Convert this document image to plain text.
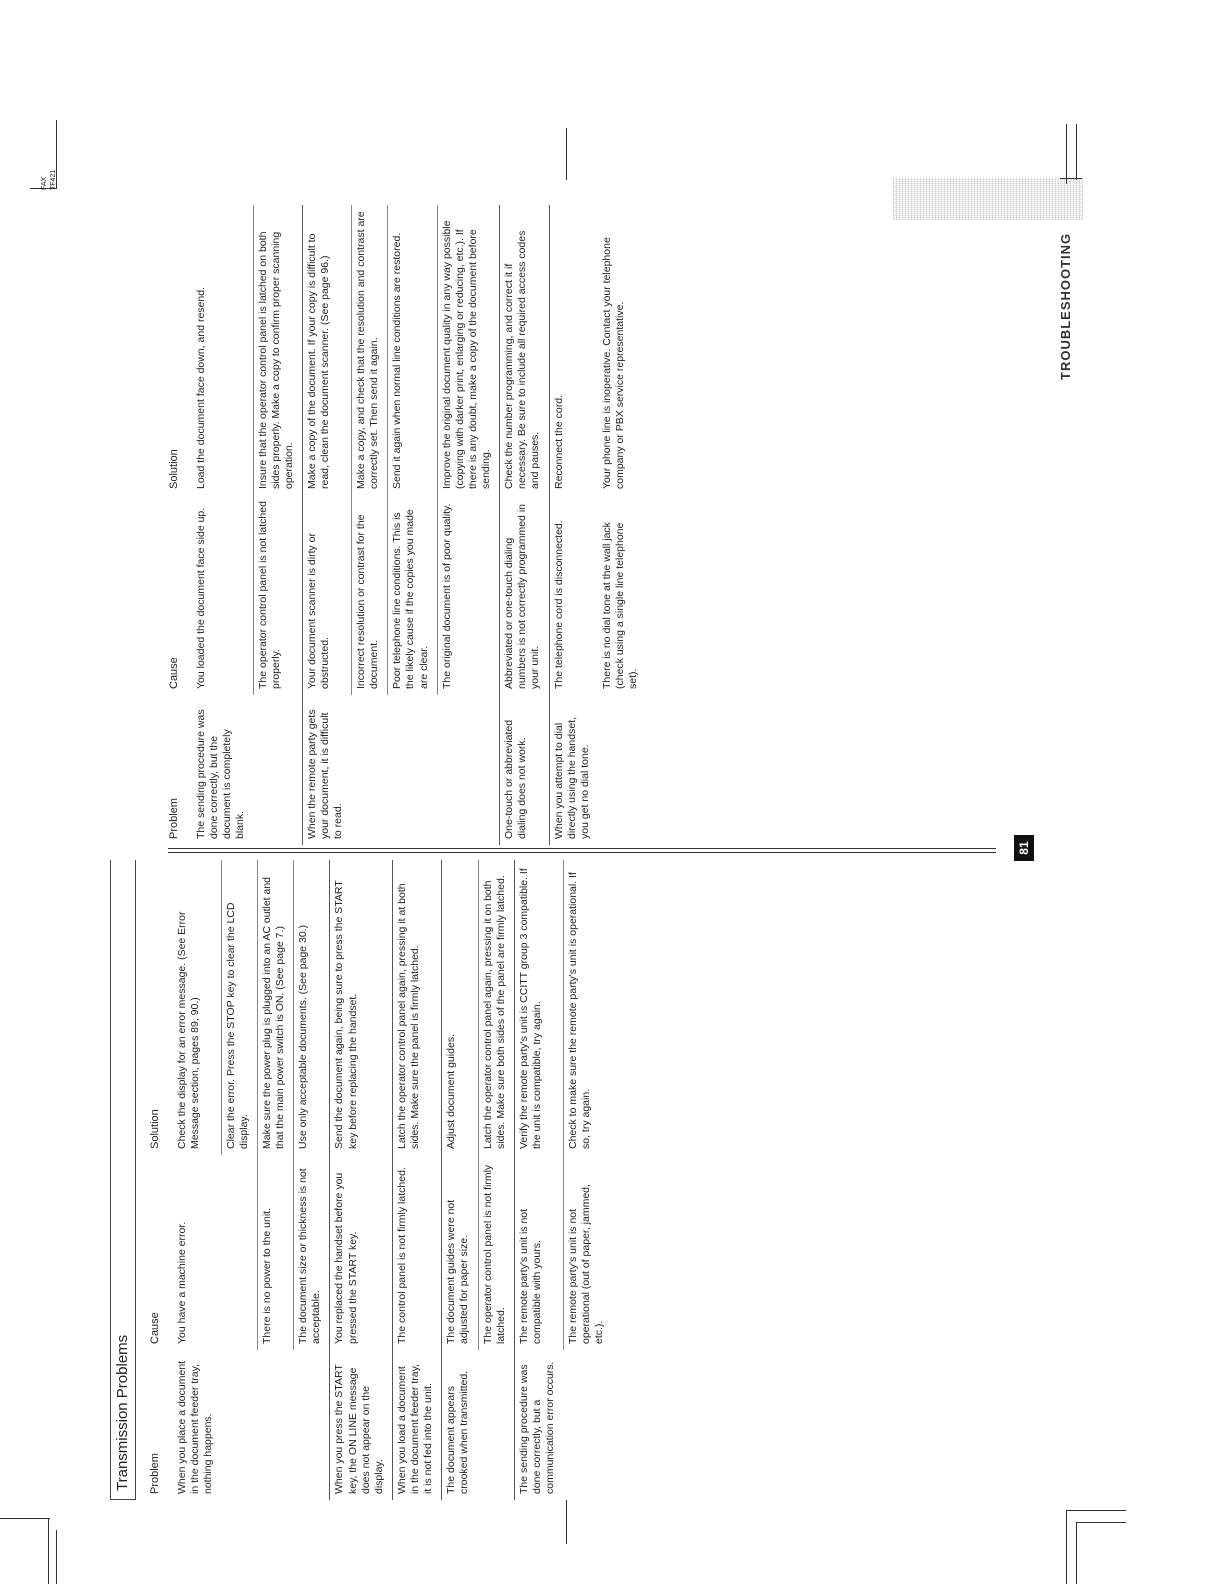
FAX TF421
TROUBLESHOOTING
81
Transmission Problems Problem	Cause	Solution
When you place a document in the document feeder tray, nothing happens.	You have a machine error.	Check the display for an error message. (See Error Message section, pages 89, 90.)
		Clear the error. Press the STOP key to clear the LCD display.
	There is no power to the unit.	Make sure the power plug is plugged into an AC outlet and that the main power switch is ON. (See page 7.)
	The document size or thickness is not acceptable.	Use only acceptable documents. (See page 30.)
When you press the START key, the ON LINE message does not appear on the display.	You replaced the handset before you pressed the START key.	Send the document again, being sure to press the START key before replacing the handset.
When you load a document in the document feeder tray, it is not fed into the unit.	The control panel is not firmly latched.	Latch the operator control panel again, pressing it at both sides. Make sure the panel is firmly latched.
The document appears crooked when transmitted.	The document guides were not adjusted for paper size.	Adjust document guides.
	The operator control panel is not firmly latched.	Latch the operator control panel again, pressing it on both sides. Make sure both sides of the panel are firmly latched.
The sending procedure was done correctly, but a communication error occurs.	The remote party's unit is not compatible with yours.	Verify the remote party's unit is CCITT group 3 compatible. If the unit is compatible, try again.
	The remote party's unit is not operational (out of paper, jammed, etc.).	Check to make sure the remote party's unit is operational. If so, try again.
Problem	Cause	Solution
The sending procedure was done correctly, but the document is completely blank.	You loaded the document face side up.	Load the document face down, and resend.
	The operator control panel is not latched properly.	Insure that the operator control panel is latched on both sides properly. Make a copy to confirm proper scanning operation.
When the remote party gets your document, it is difficult to read.	Your document scanner is dirty or obstructed.	Make a copy of the document. If your copy is difficult to read, clean the document scanner. (See page 96.)
	Incorrect resolution or contrast for the document.	Make a copy, and check that the resolution and contrast are correctly set. Then send it again.
	Poor telephone line conditions. This is the likely cause if the copies you made are clear.	Send it again when normal line conditions are restored.
	The original document is of poor quality.	Improve the original document quality in any way possible (copying with darker print, enlarging or reducing, etc.). If there is any doubt, make a copy of the document before sending.
One-touch or abbreviated dialing does not work.	Abbreviated or one-touch dialing numbers is not correctly programmed in your unit.	Check the number programming, and correct it if necessary. Be sure to include all required access codes and pauses.
When you attempt to dial directly using the handset, you get no dial tone.	The telephone cord is disconnected.	Reconnect the cord.
	There is no dial tone at the wall jack (check using a single line telephone set).	Your phone line is inoperative. Contact your telephone company or PBX service representative.
